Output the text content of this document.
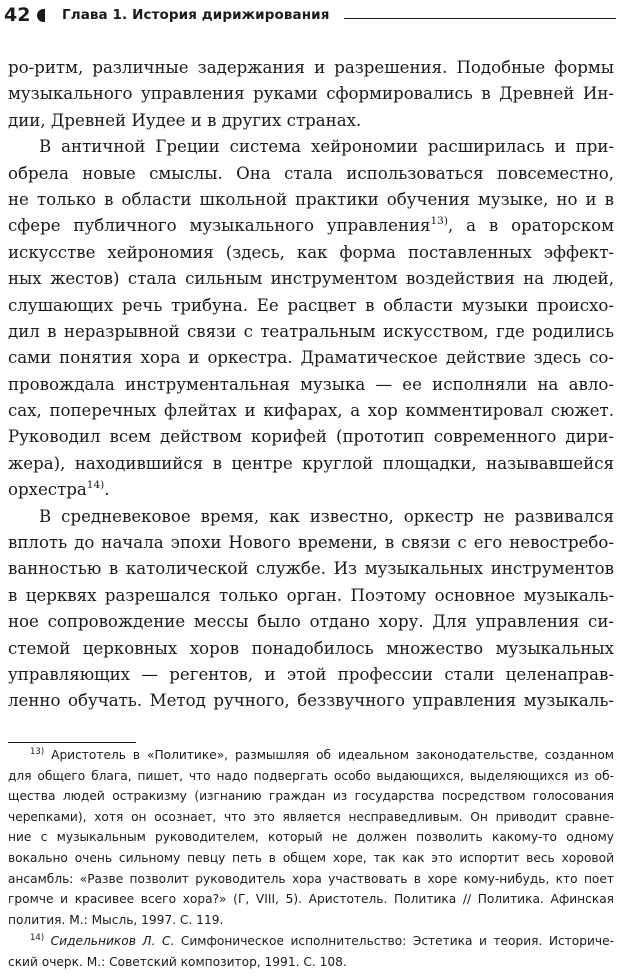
42 Глава 1. История дирижирования
ро-ритм, различные задержания и разрешения. Подобные формы
музыкального управления руками сформировались в Древней Ин-
дии, Древней Иудее и в других странах.
В античной Греции система хейрономии расширилась и при-
обрела новые смыслы. Она стала использоваться повсеместно,
не только в области школьной практики обучения музыке, но и в
сфере публичного музыкального управления$^{13)}$, а в ораторском
искусстве хейрономия (здесь, как форма поставленных эффект-
ных жестов) стала сильным инструментом воздействия на людей,
слушающих речь трибуна. Ее расцвет в области музыки происхо-
дил в неразрывной связи с театральным искусством, где родились
сами понятия хора и оркестра. Драматическое действие здесь со-
провождала инструментальная музыка — ее исполняли на авло-
сах, поперечных флейтах и кифарах, а хор комментировал сюжет.
Руководил всем действом корифей (прототип современного дири-
жера), находившийся в центре круглой площадки, называвшейся
орхестра$^{14)}$.
В средневековое время, как известно, оркестр не развивался
вплоть до начала эпохи Нового времени, в связи с его невостребо-
ванностью в католической службе. Из музыкальных инструментов
в церквях разрешался только орган. Поэтому основное музыкаль-
ное сопровождение мессы было отдано хору. Для управления си-
стемой церковных хоров понадобилось множество музыкальных
управляющих — регентов, и этой профессии стали целенаправ-
ленно обучать. Метод ручного, беззвучного управления музыкаль-
$^{13)}$ Аристотель в «Политике», размышляя об идеальном законодательстве, созданном
для общего блага, пишет, что надо подвергать особо выдающихся, выделяющихся из об-
щества людей остракизму (изгнанию граждан из государства посредством голосования
черепками), хотя он осознает, что это является несправедливым. Он приводит сравне-
ние с музыкальным руководителем, который не должен позволить какому-то одному
вокально очень сильному певцу петь в общем хоре, так как это испортит весь хоровой
ансамбль: «Разве позволит руководитель хора участвовать в хоре кому-нибудь, кто поет
громче и красивее всего хора?» (Г, VIII, 5). Аристотель. Политика // Политика. Афинская
полития. М.: Мысль, 1997. С. 119.
$^{14)}$ Сидельников Л. С. Симфоническое исполнительство: Эстетика и теория. Историче-
ский очерк. М.: Советский композитор, 1991. С. 108.
